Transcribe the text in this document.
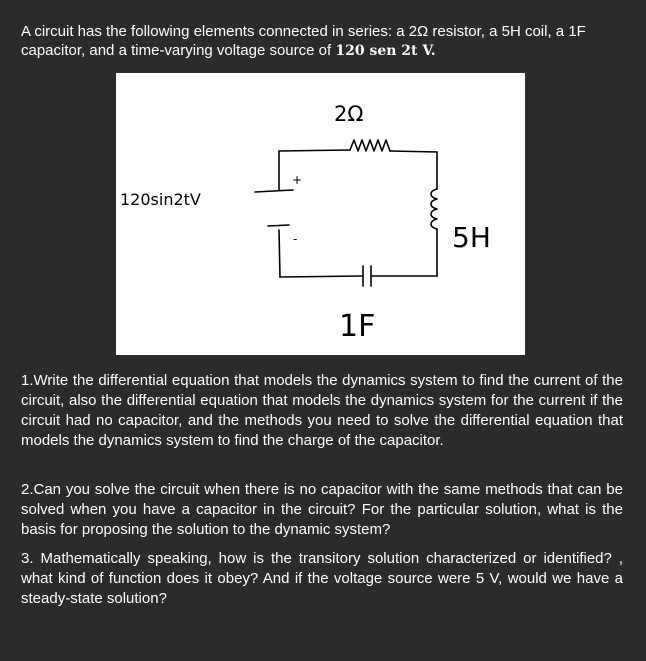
A circuit has the following elements connected in series: a 2Ω resistor, a 5H coil, a 1F capacitor, and a time-varying voltage source of 120 sen 2t V.

2Ω
120sin2tV
5H
1F
+
-

1.Write the differential equation that models the dynamics system to find the current of the circuit, also the differential equation that models the dynamics system for the current if the circuit had no capacitor, and the methods you need to solve the differential equation that models the dynamics system to find the charge of the capacitor.

2.Can you solve the circuit when there is no capacitor with the same methods that can be solved when you have a capacitor in the circuit? For the particular solution, what is the basis for proposing the solution to the dynamic system?

3. Mathematically speaking, how is the transitory solution characterized or identified? , what kind of function does it obey? And if the voltage source were 5 V, would we have a steady-state solution?
